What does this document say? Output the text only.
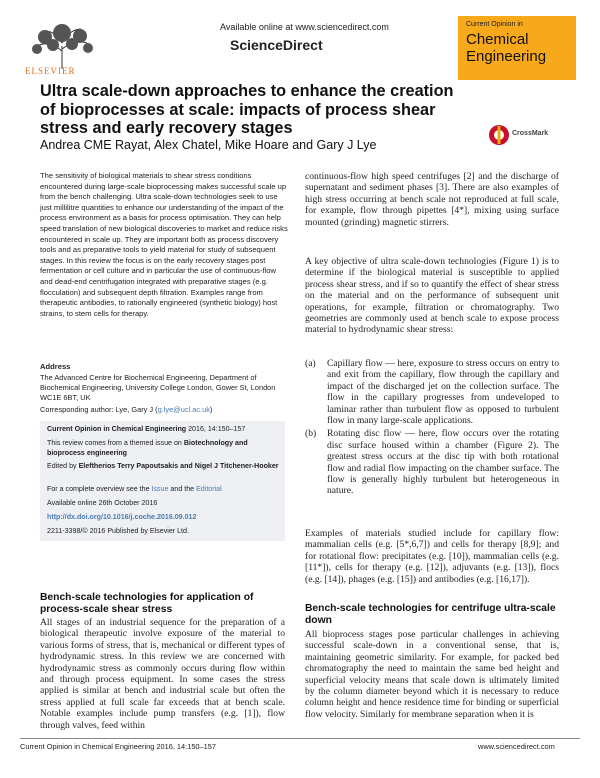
ELSEVIER
Available online at www.sciencedirect.com
ScienceDirect
Current Opinion in
Chemical
Engineering
Ultra scale-down approaches to enhance the creation of bioprocesses at scale: impacts of process shear stress and early recovery stages
Andrea CME Rayat, Alex Chatel, Mike Hoare and Gary J Lye
CrossMark
The sensitivity of biological materials to shear stress conditions encountered during large-scale bioprocessing makes successful scale up from the bench challenging. Ultra scale-down technologies seek to use just millilitre quantities to enhance our understanding of the impact of the process environment as a basis for process optimisation. They can help speed translation of new biological discoveries to market and reduce risks encountered in scale up. They are important both as process discovery tools and as preparative tools to yield material for study of subsequent stages. In this review the focus is on the early recovery stages post fermentation or cell culture and in particular the use of continuous-flow and dead-end centrifugation integrated with preparative stages (e.g. flocculation) and subsequent depth filtration. Examples range from therapeutic antibodies, to rationally engineered (synthetic biology) host strains, to stem cells for therapy.
Address
The Advanced Centre for Biochemical Engineering, Department of Biochemical Engineering, University College London, Gower St, London WC1E 6BT, UK
Corresponding author: Lye, Gary J (g.lye@ucl.ac.uk)
Current Opinion in Chemical Engineering 2016, 14:150–157
This review comes from a themed issue on Biotechnology and bioprocess engineering
Edited by Eleftherios Terry Papoutsakis and Nigel J Titchener-Hooker
For a complete overview see the Issue and the Editorial
Available online 26th October 2016
http://dx.doi.org/10.1016/j.coche.2016.09.012
2211-3398/© 2016 Published by Elsevier Ltd.
Bench-scale technologies for application of process-scale shear stress
All stages of an industrial sequence for the preparation of a biological therapeutic involve exposure of the material to various forms of stress, that is, mechanical or different types of hydrodynamic stress. In this review we are concerned with hydrodynamic stress as commonly occurs during flow within and through process equipment. In some cases the stress applied is similar at bench and industrial scale but often the stress applied at full scale far exceeds that at bench scale. Notable examples include pump transfers (e.g. [1]), flow through valves, feed within
continuous-flow high speed centrifuges [2] and the discharge of supernatant and sediment phases [3]. There are also examples of high stress occurring at bench scale not reproduced at full scale, for example, flow through pipettes [4*], mixing using surface mounted (grinding) magnetic stirrers.
A key objective of ultra scale-down technologies (Figure 1) is to determine if the biological material is susceptible to applied process shear stress, and if so to quantify the effect of shear stress on the material and on the performance of subsequent unit operations, for example, filtration or chromatography. Two geometries are commonly used at bench scale to expose process material to hydrodynamic shear stress:
(a)	Capillary flow — here, exposure to stress occurs on entry to and exit from the capillary, flow through the capillary and impact of the discharged jet on the collection surface. The flow in the capillary progresses from undeveloped to laminar rather than turbulent flow as opposed to turbulent flow in many large-scale applications.
(b)	Rotating disc flow — here, flow occurs over the rotating disc surface housed within a chamber (Figure 2). The greatest stress occurs at the disc tip with both rotational flow and radial flow impacting on the chamber surface. The flow is generally highly turbulent but heterogeneous in nature.
Examples of materials studied include for capillary flow: mammalian cells (e.g. [5*,6,7]) and cells for therapy [8,9]; and for rotational flow: precipitates (e.g. [10]), mammalian cells (e.g. [11*]), cells for therapy (e.g. [12]), adjuvants (e.g. [13]), flocs (e.g. [14]), phages (e.g. [15]) and antibodies (e.g. [16,17]).
Bench-scale technologies for centrifuge ultra-scale down
All bioprocess stages pose particular challenges in achieving successful scale-down in a conventional sense, that is, maintaining geometric similarity. For example, for packed bed chromatography the need to maintain the same bed height and superficial velocity means that scale down is ultimately limited by the column diameter beyond which it is necessary to reduce column height and hence residence time for binding or superficial flow velocity. Similarly for membrane separation when it is
Current Opinion in Chemical Engineering 2016, 14:150–157	www.sciencedirect.com
